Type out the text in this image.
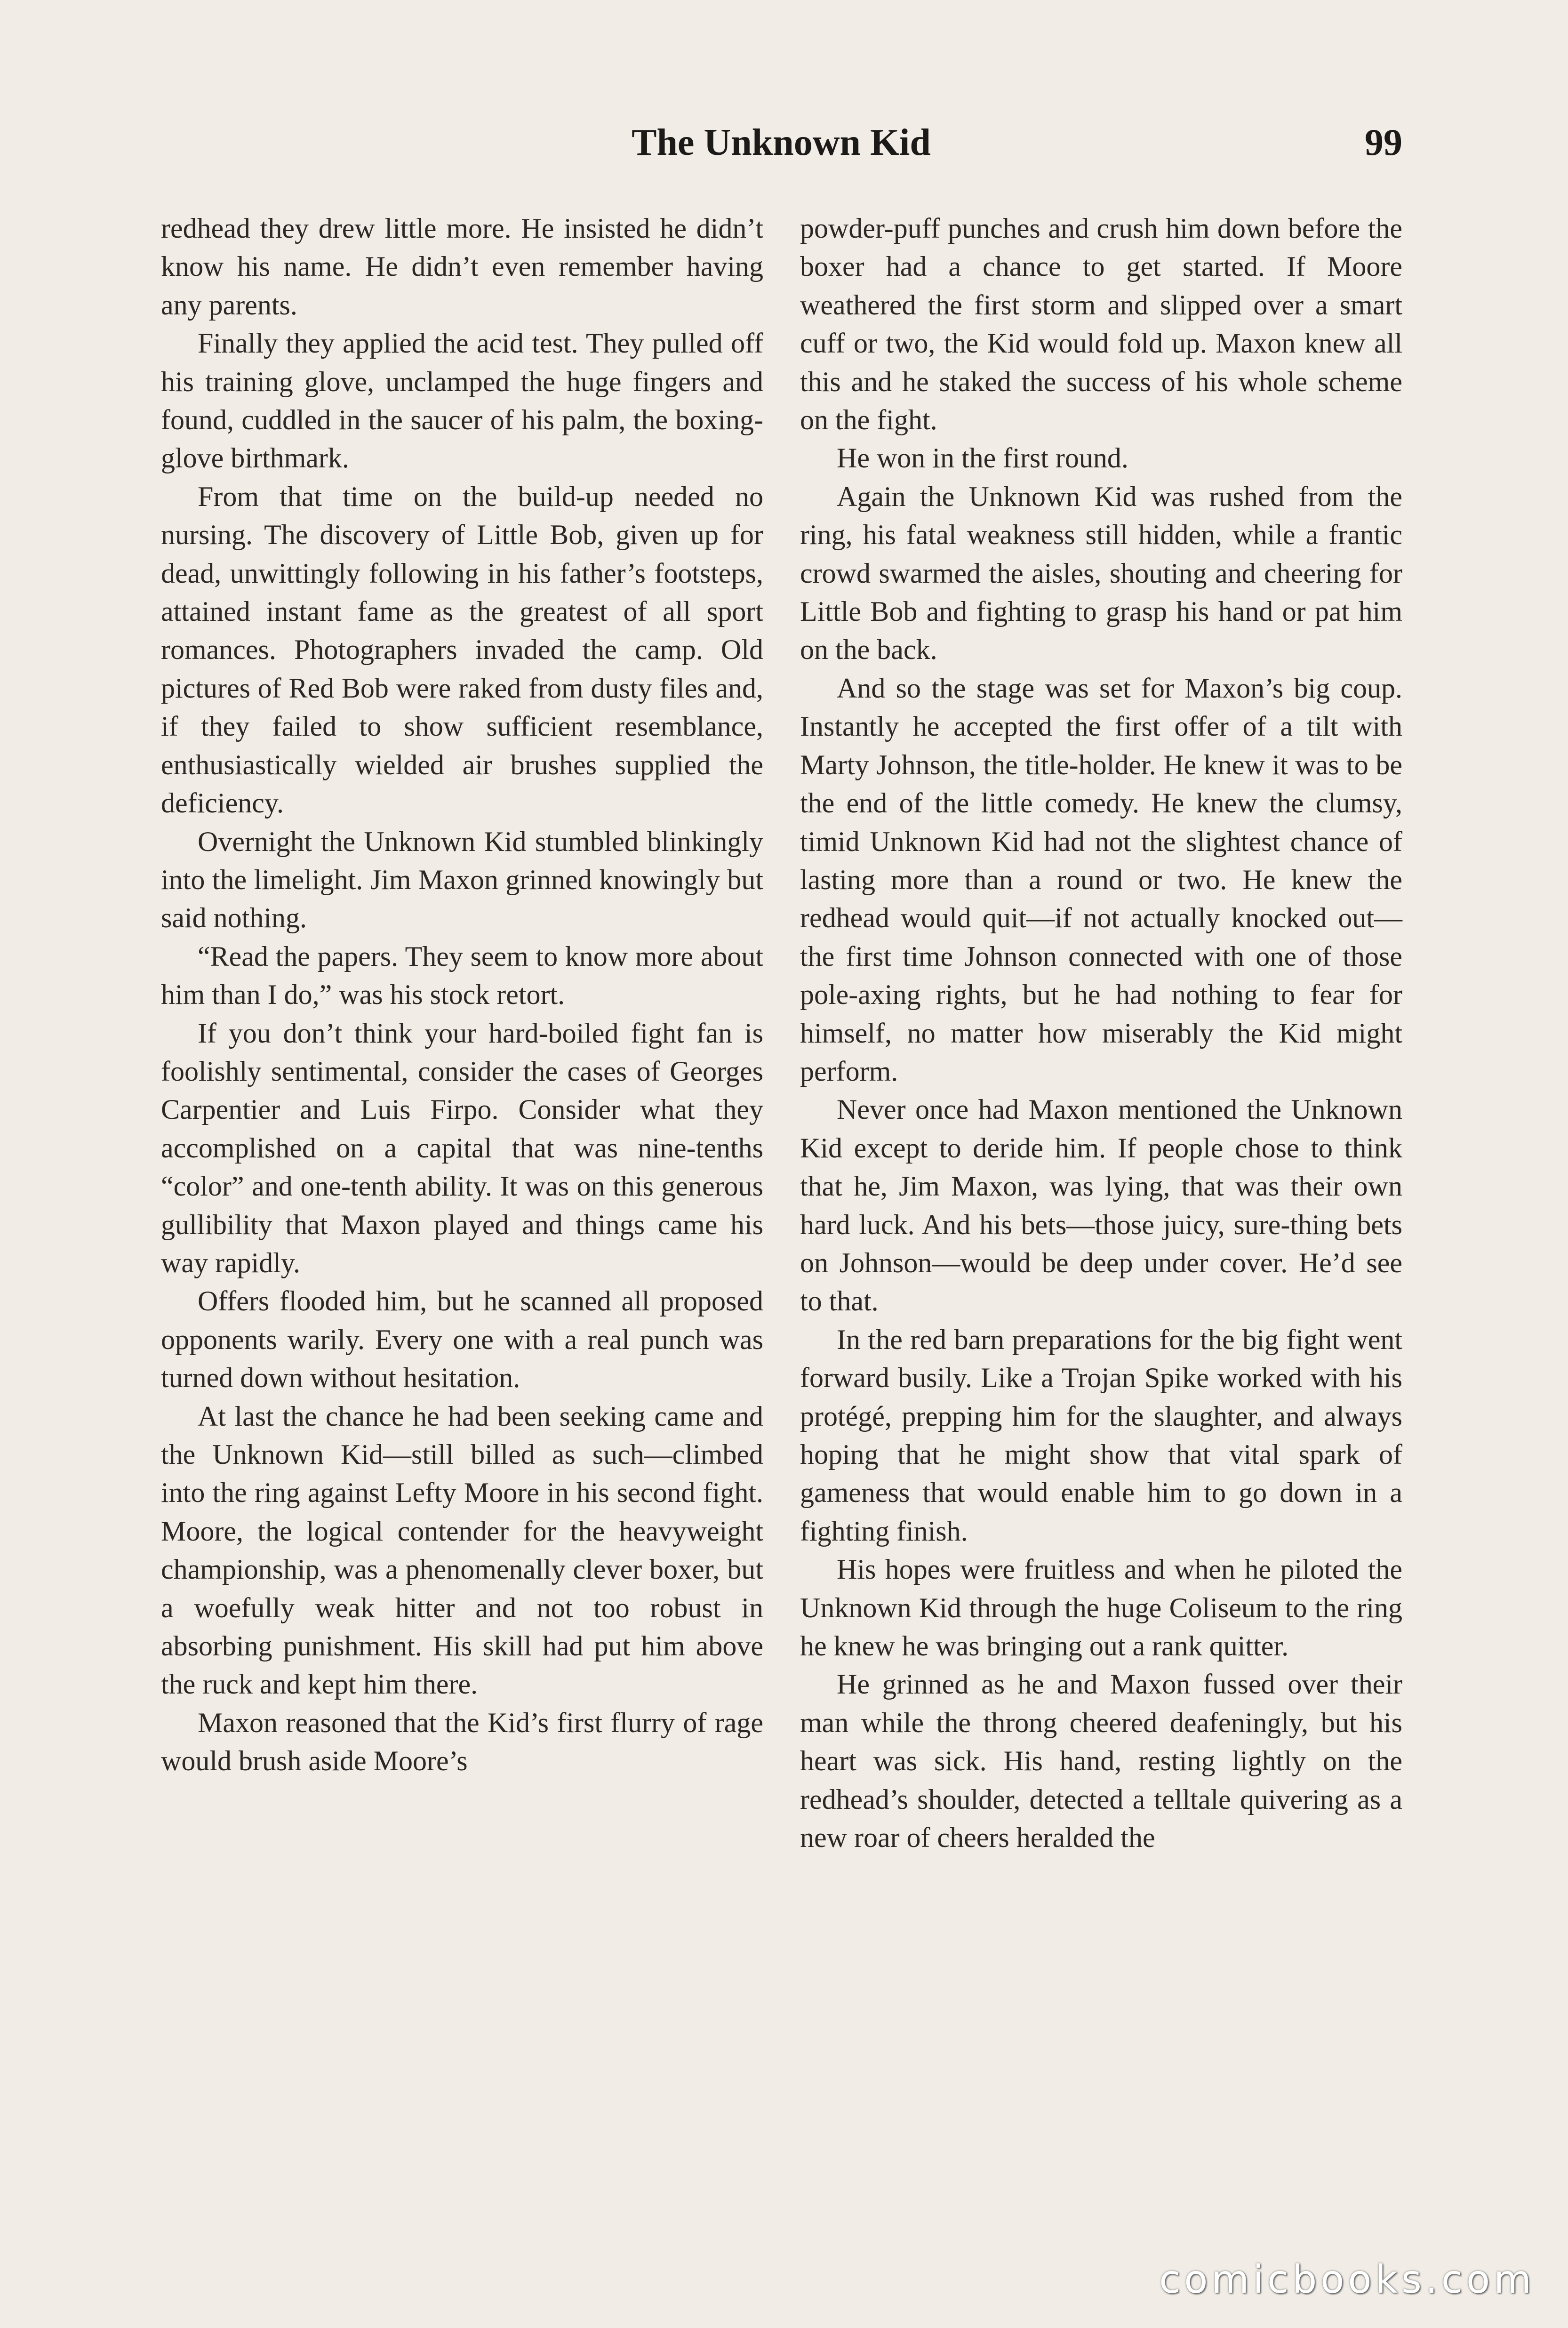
The Unknown Kid	99

redhead they drew little more. He insisted he didn’t know his name. He didn’t even remember having any parents.

Finally they applied the acid test. They pulled off his training glove, unclamped the huge fingers and found, cuddled in the saucer of his palm, the boxing-glove birthmark.

From that time on the build-up needed no nursing. The discovery of Little Bob, given up for dead, unwittingly following in his father’s footsteps, attained instant fame as the greatest of all sport romances. Photographers invaded the camp. Old pictures of Red Bob were raked from dusty files and, if they failed to show sufficient resemblance, enthusiastically wielded air brushes supplied the deficiency.

Overnight the Unknown Kid stumbled blinkingly into the limelight. Jim Maxon grinned knowingly but said nothing.

“Read the papers. They seem to know more about him than I do,” was his stock retort.

If you don’t think your hard-boiled fight fan is foolishly sentimental, consider the cases of Georges Carpentier and Luis Firpo. Consider what they accomplished on a capital that was nine-tenths “color” and one-tenth ability. It was on this generous gullibility that Maxon played and things came his way rapidly.

Offers flooded him, but he scanned all proposed opponents warily. Every one with a real punch was turned down without hesitation.

At last the chance he had been seeking came and the Unknown Kid—still billed as such—climbed into the ring against Lefty Moore in his second fight. Moore, the logical contender for the heavyweight championship, was a phenomenally clever boxer, but a woefully weak hitter and not too robust in absorbing punishment. His skill had put him above the ruck and kept him there.

Maxon reasoned that the Kid’s first flurry of rage would brush aside Moore’s

powder-puff punches and crush him down before the boxer had a chance to get started. If Moore weathered the first storm and slipped over a smart cuff or two, the Kid would fold up. Maxon knew all this and he staked the success of his whole scheme on the fight.

He won in the first round.

Again the Unknown Kid was rushed from the ring, his fatal weakness still hidden, while a frantic crowd swarmed the aisles, shouting and cheering for Little Bob and fighting to grasp his hand or pat him on the back.

And so the stage was set for Maxon’s big coup. Instantly he accepted the first offer of a tilt with Marty Johnson, the title-holder. He knew it was to be the end of the little comedy. He knew the clumsy, timid Unknown Kid had not the slightest chance of lasting more than a round or two. He knew the redhead would quit—if not actually knocked out—the first time Johnson connected with one of those pole-axing rights, but he had nothing to fear for himself, no matter how miserably the Kid might perform.

Never once had Maxon mentioned the Unknown Kid except to deride him. If people chose to think that he, Jim Maxon, was lying, that was their own hard luck. And his bets—those juicy, sure-thing bets on Johnson—would be deep under cover. He’d see to that.

In the red barn preparations for the big fight went forward busily. Like a Trojan Spike worked with his protégé, prepping him for the slaughter, and always hoping that he might show that vital spark of gameness that would enable him to go down in a fighting finish.

His hopes were fruitless and when he piloted the Unknown Kid through the huge Coliseum to the ring he knew he was bringing out a rank quitter.

He grinned as he and Maxon fussed over their man while the throng cheered deafeningly, but his heart was sick. His hand, resting lightly on the redhead’s shoulder, detected a telltale quivering as a new roar of cheers heralded the

comicbooks.com
